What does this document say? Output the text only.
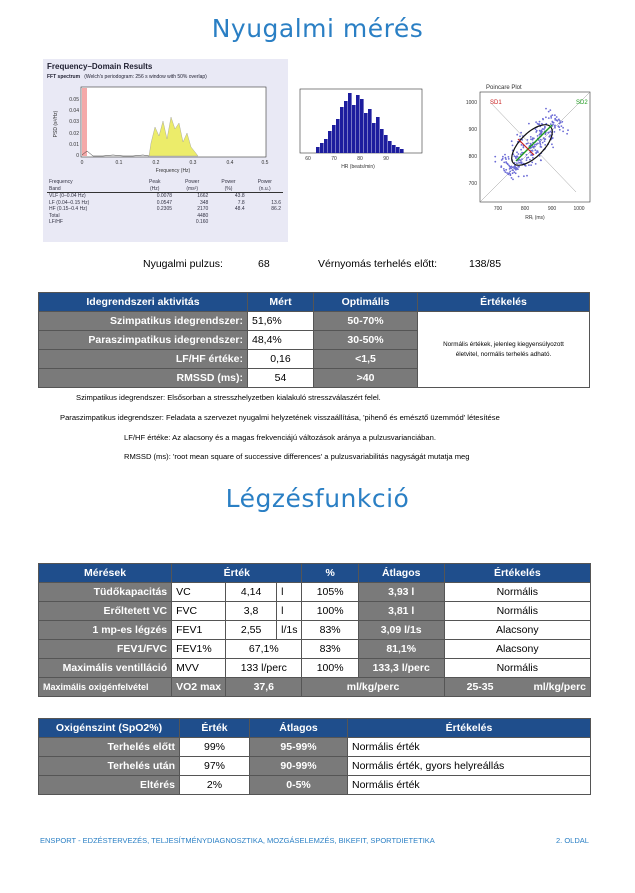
Nyugalmi mérés
Frequency–Domain Results
FFT spectrum (Welch's periodogram: 256 s window with 50% overlap)
0.05
0.04
0.03
0.02
0.01
0
0	0.1	0.2	0.3	0.4	0.5
Frequency (Hz)
PSD (s²/Hz)
Frequency	Peak	Power	Power	Power
Band	(Hz)	(ms²)	(%)	(n.u.)
VLF (0–0.04 Hz)	0.0078	1662	43.8	
LF (0.04–0.15 Hz)	0.0547	348	7.8	13.6
HF (0.15–0.4 Hz)	0.2305	2170	48.4	86.2
Total		4480		
LF/HF		0.160		
60	70	80	90
HR (beats/min)
Poincare Plot
SD1	SD2
1000
900
800
700
700	800	900	1000
RRᵢ (ms)
Nyugalmi pulzus:	68	Vérnyomás terhelés előtt:	138/85
Idegrendszeri aktivitás	Mért	Optimális	Értékelés
Szimpatikus idegrendszer:	51,6%	50-70%	Normális értékek, jelenleg kiegyensúlyozott életvitel, normális terhelés adható.
Paraszimpatikus idegrendszer:	48,4%	30-50%	
LF/HF értéke:	0,16	<1,5	
RMSSD (ms):	54	>40	
Szimpatikus idegrendszer: Elsősorban a stresszhelyzetben kialakuló stresszválaszért felel.
Paraszimpatikus idegrendszer: Feladata a szervezet nyugalmi helyzetének visszaállítása, 'pihenő és emésztő üzemmód' létesítése
LF/HF értéke: Az alacsony és a magas frekvenciájú változások aránya a pulzusvarianciában.
RMSSD (ms): 'root mean square of successive differences' a pulzusvariabilitás nagyságát mutatja meg
Légzésfunkció
Mérések	Érték			%	Átlagos	Értékelés
Tüdőkapacitás	VC	4,14	l	105%	3,93 l	Normális
Erőltetett VC	FVC	3,8	l	100%	3,81 l	Normális
1 mp-es légzés	FEV1	2,55	l/1s	83%	3,09 l/1s	Alacsony
FEV1/FVC	FEV1%	67,1%		83%	81,1%	Alacsony
Maximális ventilláció	MVV	133 l/perc		100%	133,3 l/perc	Normális
Maximális oxigénfelvétel	VO2 max	37,6		ml/kg/perc		25-35 ml/kg/perc
Oxigénszint (SpO2%)	Érték	Átlagos	Értékelés
Terhelés előtt	99%	95-99%	Normális érték
Terhelés után	97%	90-99%	Normális érték, gyors helyreállás
Eltérés	2%	0-5%	Normális érték
ENSPORT - EDZÉSTERVEZÉS, TELJESÍTMÉNYDIAGNOSZTIKA, MOZGÁSELEMZÉS, BIKEFIT, SPORTDIETETIKA	2. OLDAL
